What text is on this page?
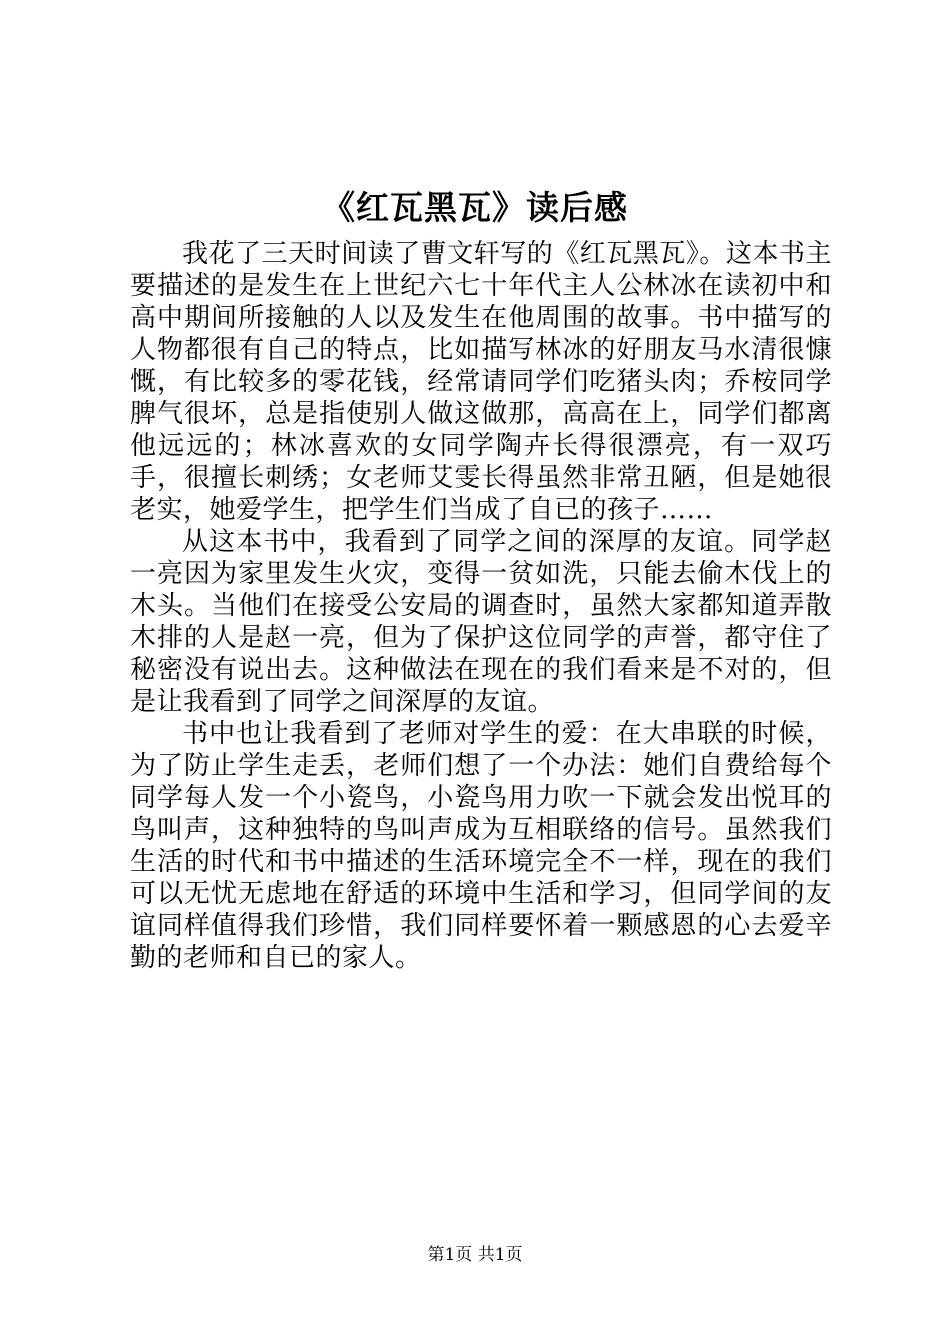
《红瓦黑瓦》读后感

我花了三天时间读了曹文轩写的《红瓦黑瓦》。这本书主要描述的是发生在上世纪六七十年代主人公林冰在读初中和高中期间所接触的人以及发生在他周围的故事。书中描写的人物都很有自己的特点，比如描写林冰的好朋友马水清很慷慨，有比较多的零花钱，经常请同学们吃猪头肉；乔桉同学脾气很坏，总是指使别人做这做那，高高在上，同学们都离他远远的；林冰喜欢的女同学陶卉长得很漂亮，有一双巧手，很擅长刺绣；女老师艾雯长得虽然非常丑陋，但是她很老实，她爱学生，把学生们当成了自已的孩子……

从这本书中，我看到了同学之间的深厚的友谊。同学赵一亮因为家里发生火灾，变得一贫如洗，只能去偷木伐上的木头。当他们在接受公安局的调查时，虽然大家都知道弄散木排的人是赵一亮，但为了保护这位同学的声誉，都守住了秘密没有说出去。这种做法在现在的我们看来是不对的，但是让我看到了同学之间深厚的友谊。

书中也让我看到了老师对学生的爱：在大串联的时候，为了防止学生走丢，老师们想了一个办法：她们自费给每个同学每人发一个小瓷鸟，小瓷鸟用力吹一下就会发出悦耳的鸟叫声，这种独特的鸟叫声成为互相联络的信号。虽然我们生活的时代和书中描述的生活环境完全不一样，现在的我们可以无忧无虑地在舒适的环境中生活和学习，但同学间的友谊同样值得我们珍惜，我们同样要怀着一颗感恩的心去爱辛勤的老师和自已的家人。

第1页 共1页
